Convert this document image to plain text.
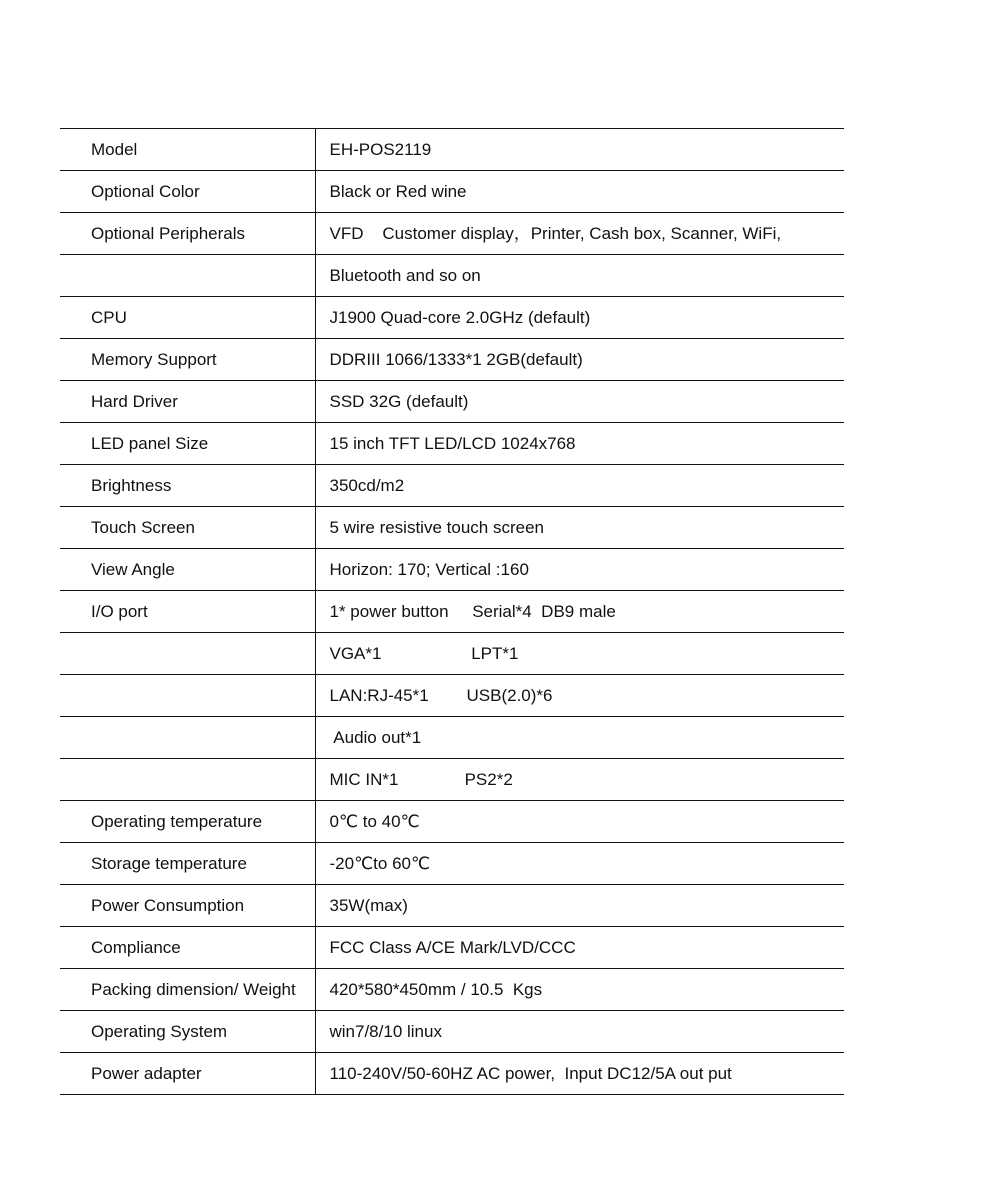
Model	EH-POS2119
Optional Color	Black or Red wine
Optional Peripherals	VFD    Customer display，Printer, Cash box, Scanner, WiFi,
	Bluetooth and so on
CPU	J1900 Quad-core 2.0GHz (default)
Memory Support	DDRIII 1066/1333*1 2GB(default)
Hard Driver	SSD 32G (default)
LED panel Size	15 inch TFT LED/LCD 1024x768
Brightness	350cd/m2
Touch Screen	5 wire resistive touch screen
View Angle	Horizon: 170; Vertical :160
I/O port	1* power button     Serial*4  DB9 male
	VGA*1                   LPT*1
	LAN:RJ-45*1        USB(2.0)*6
	Audio out*1
	MIC IN*1              PS2*2
Operating temperature	0℃ to 40℃
Storage temperature	-20℃to 60℃
Power Consumption	35W(max)
Compliance	FCC Class A/CE Mark/LVD/CCC
Packing dimension/ Weight	420*580*450mm / 10.5  Kgs
Operating System	win7/8/10 linux
Power adapter	110-240V/50-60HZ AC power,  Input DC12/5A out put
